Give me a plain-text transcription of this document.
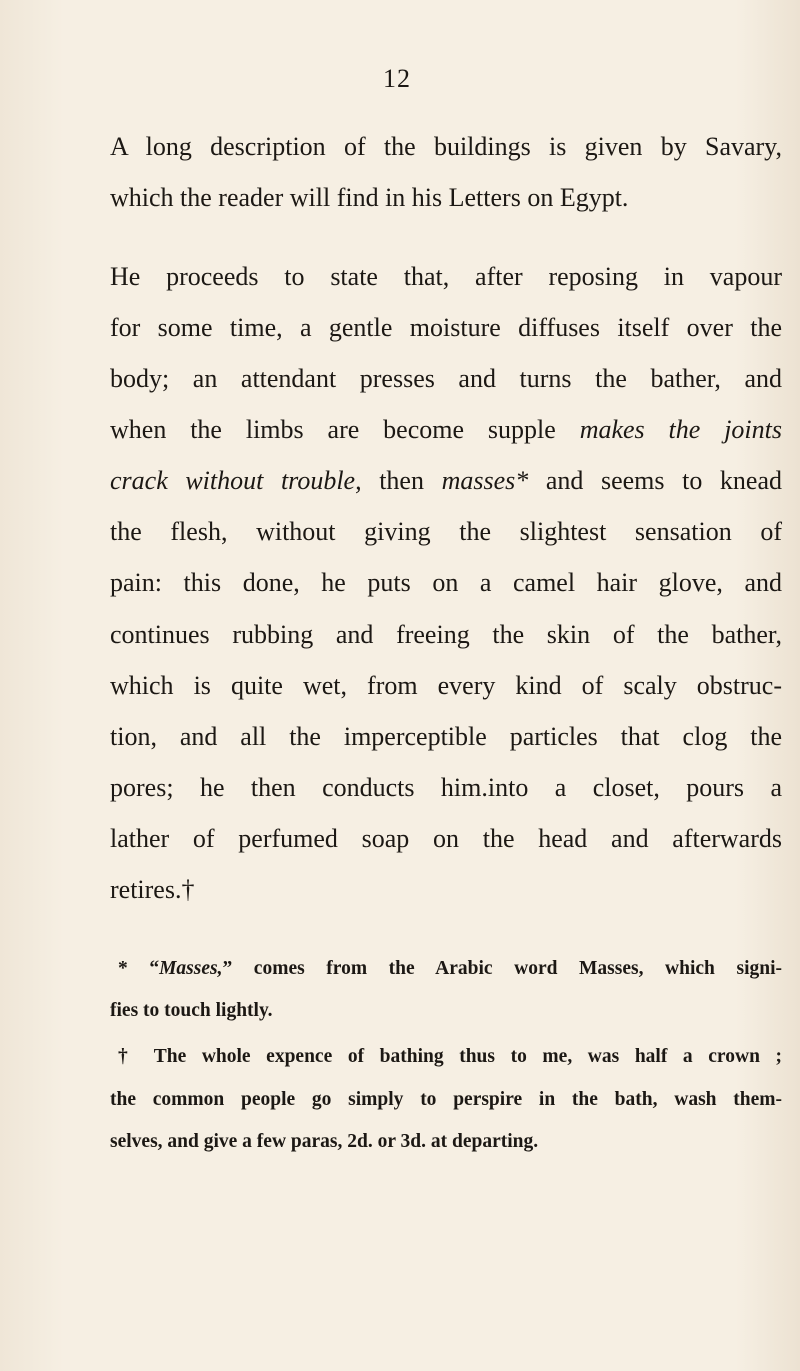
12
A long description of the buildings is given by Savary,
which the reader will find in his Letters on Egypt.
He proceeds to state that, after reposing in vapour
for some time, a gentle moisture diffuses itself over the
body; an attendant presses and turns the bather, and
when the limbs are become supple makes the joints
crack without trouble, then masses* and seems to knead
the flesh, without giving the slightest sensation of
pain: this done, he puts on a camel hair glove, and
continues rubbing and freeing the skin of the bather,
which is quite wet, from every kind of scaly obstruc-
tion, and all the imperceptible particles that clog the
pores; he then conducts him.into a closet, pours a
lather of perfumed soap on the head and afterwards
retires.†
* “Masses,” comes from the Arabic word Masses, which signi-
fies to touch lightly.
† The whole expence of bathing thus to me, was half a crown ;
the common people go simply to perspire in the bath, wash them-
selves, and give a few paras, 2d. or 3d. at departing.
